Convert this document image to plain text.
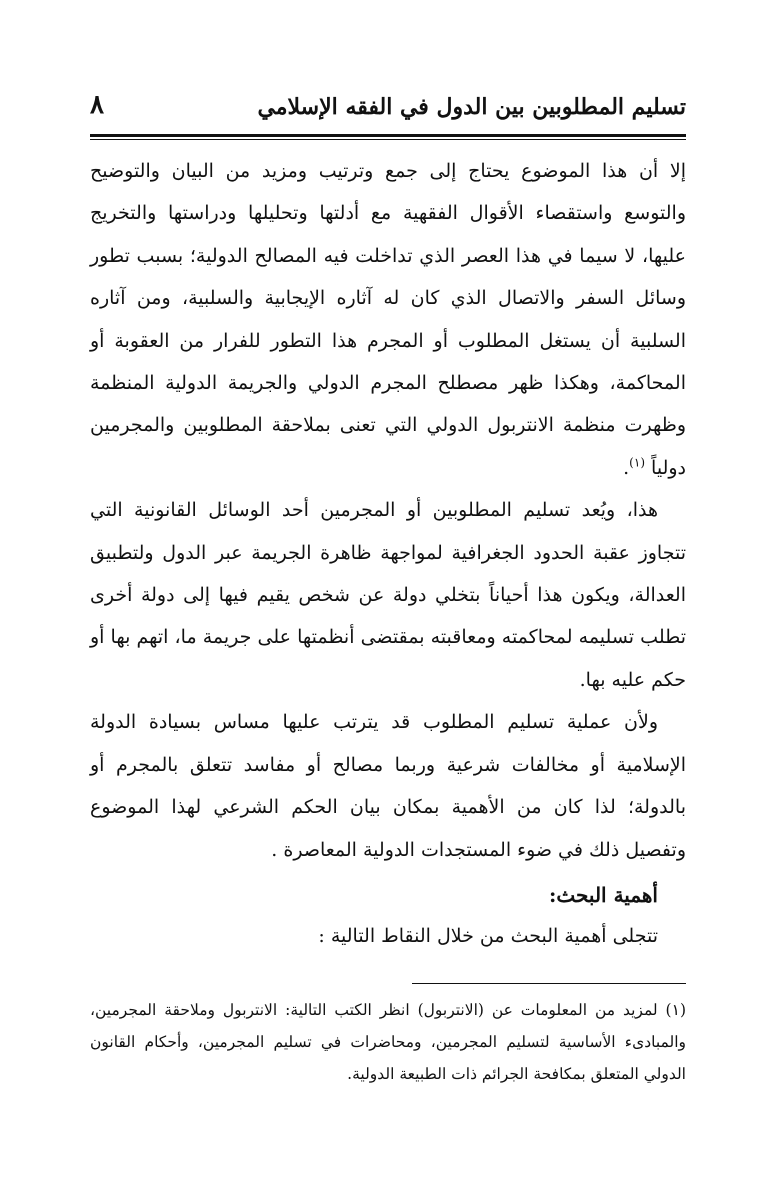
تسليم المطلوبين بين الدول في الفقه الإسلامي
٨

إلا أن هذا الموضوع يحتاج إلى جمع وترتيب ومزيد من البيان والتوضيح والتوسع واستقصاء الأقوال الفقهية مع أدلتها وتحليلها ودراستها والتخريج عليها، لا سيما في هذا العصر الذي تداخلت فيه المصالح الدولية؛ بسبب تطور وسائل السفر والاتصال الذي كان له آثاره الإيجابية والسلبية، ومن آثاره السلبية أن يستغل المطلوب أو المجرم هذا التطور للفرار من العقوبة أو المحاكمة، وهكذا ظهر مصطلح المجرم الدولي والجريمة الدولية المنظمة وظهرت منظمة الانتربول الدولي التي تعنى بملاحقة المطلوبين والمجرمين دولياً $^{(١)}$.

هذا، ويُعد تسليم المطلوبين أو المجرمين أحد الوسائل القانونية التي تتجاوز عقبة الحدود الجغرافية لمواجهة ظاهرة الجريمة عبر الدول ولتطبيق العدالة، ويكون هذا أحياناً بتخلي دولة عن شخص يقيم فيها إلى دولة أخرى تطلب تسليمه لمحاكمته ومعاقبته بمقتضى أنظمتها على جريمة ما، اتهم بها أو حكم عليه بها.

ولأن عملية تسليم المطلوب قد يترتب عليها مساس بسيادة الدولة الإسلامية أو مخالفات شرعية وربما مصالح أو مفاسد تتعلق بالمجرم أو بالدولة؛ لذا كان من الأهمية بمكان بيان الحكم الشرعي لهذا الموضوع وتفصيل ذلك في ضوء المستجدات الدولية المعاصرة .

أهمية البحث:

تتجلى أهمية البحث من خلال النقاط التالية :

(١) لمزيد من المعلومات عن (الانتربول) انظر الكتب التالية: الانتربول وملاحقة المجرمين، والمبادىء الأساسية لتسليم المجرمين، ومحاضرات في تسليم المجرمين، وأحكام القانون الدولي المتعلق بمكافحة الجرائم ذات الطبيعة الدولية.
